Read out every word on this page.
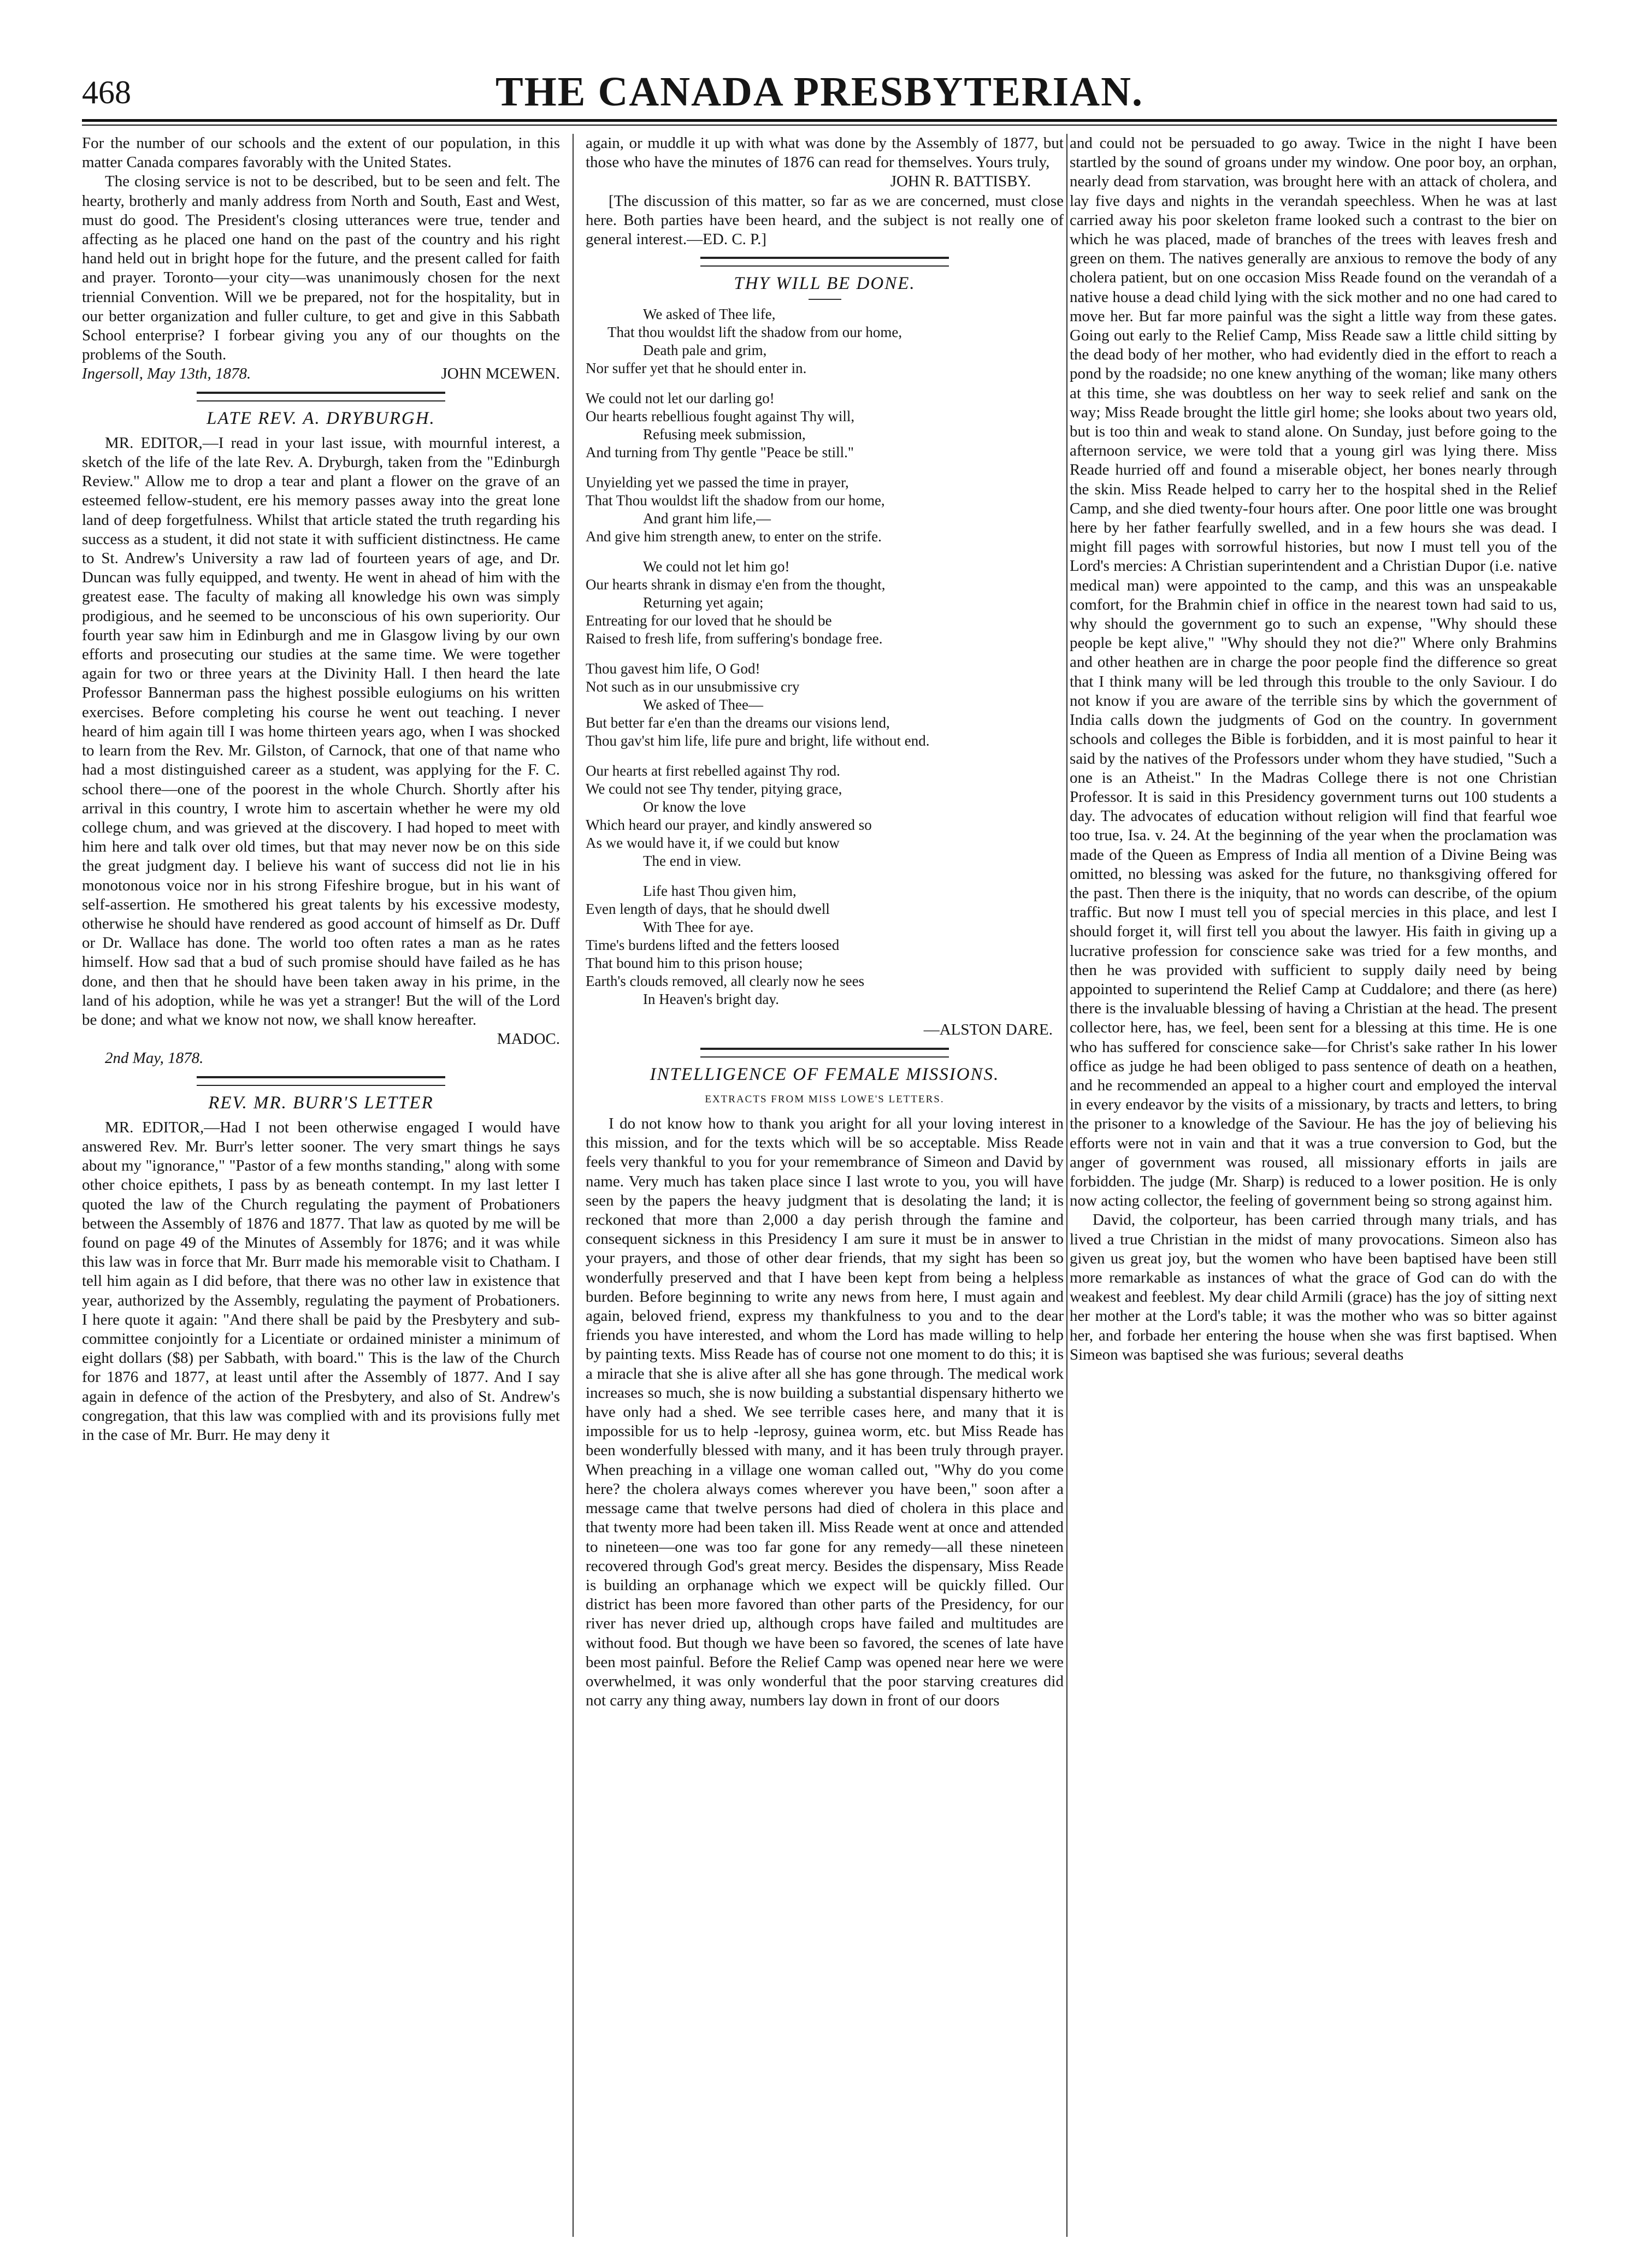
468	THE CANADA PRESBYTERIAN.

For the number of our schools and the extent of our population, in this matter Canada compares favorably with the United States.

The closing service is not to be described, but to be seen and felt. The hearty, brotherly and manly address from North and South, East and West, must do good. The President's closing utterances were true, tender and affecting as he placed one hand on the past of the country and his right hand held out in bright hope for the future, and the present called for faith and prayer. Toronto—your city—was unanimously chosen for the next triennial Convention. Will we be prepared, not for the hospitality, but in our better organization and fuller culture, to get and give in this Sabbath School enterprise? I forbear giving you any of our thoughts on the problems of the South.

Ingersoll, May 13th, 1878.	JOHN MCEWEN.
LATE REV. A. DRYBURGH.

MR. EDITOR,—I read in your last issue, with mournful interest, a sketch of the life of the late Rev. A. Dryburgh, taken from the "Edinburgh Review." Allow me to drop a tear and plant a flower on the grave of an esteemed fellow-student, ere his memory passes away into the great lone land of deep forgetfulness. Whilst that article stated the truth regarding his success as a student, it did not state it with sufficient distinctness. He came to St. Andrew's University a raw lad of fourteen years of age, and Dr. Duncan was fully equipped, and twenty. He went in ahead of him with the greatest ease. The faculty of making all knowledge his own was simply prodigious, and he seemed to be unconscious of his own superiority. Our fourth year saw him in Edinburgh and me in Glasgow living by our own efforts and prosecuting our studies at the same time. We were together again for two or three years at the Divinity Hall. I then heard the late Professor Bannerman pass the highest possible eulogiums on his written exercises. Before completing his course he went out teaching. I never heard of him again till I was home thirteen years ago, when I was shocked to learn from the Rev. Mr. Gilston, of Carnock, that one of that name who had a most distinguished career as a student, was applying for the F. C. school there—one of the poorest in the whole Church. Shortly after his arrival in this country, I wrote him to ascertain whether he were my old college chum, and was grieved at the discovery. I had hoped to meet with him here and talk over old times, but that may never now be on this side the great judgment day. I believe his want of success did not lie in his monotonous voice nor in his strong Fifeshire brogue, but in his want of self-assertion. He smothered his great talents by his excessive modesty, otherwise he should have rendered as good account of himself as Dr. Duff or Dr. Wallace has done. The world too often rates a man as he rates himself. How sad that a bud of such promise should have failed as he has done, and then that he should have been taken away in his prime, in the land of his adoption, while he was yet a stranger! But the will of the Lord be done; and what we know not now, we shall know hereafter.

MADOC.

2nd May, 1878.

REV. MR. BURR'S LETTER

MR. EDITOR,—Had I not been otherwise engaged I would have answered Rev. Mr. Burr's letter sooner. The very smart things he says about my "ignorance," "Pastor of a few months standing," along with some other choice epithets, I pass by as beneath contempt. In my last letter I quoted the law of the Church regulating the payment of Probationers between the Assembly of 1876 and 1877. That law as quoted by me will be found on page 49 of the Minutes of Assembly for 1876; and it was while this law was in force that Mr. Burr made his memorable visit to Chatham. I tell him again as I did before, that there was no other law in existence that year, authorized by the Assembly, regulating the payment of Probationers. I here quote it again: "And there shall be paid by the Presbytery and sub-committee conjointly for a Licentiate or ordained minister a minimum of eight dollars ($8) per Sabbath, with board." This is the law of the Church for 1876 and 1877, at least until after the Assembly of 1877. And I say again in defence of the action of the Presbytery, and also of St. Andrew's congregation, that this law was complied with and its provisions fully met in the case of Mr. Burr. He may deny it

again, or muddle it up with what was done by the Assembly of 1877, but those who have the minutes of 1876 can read for themselves. Yours truly,

JOHN R. BATTISBY.

[The discussion of this matter, so far as we are concerned, must close here. Both parties have been heard, and the subject is not really one of general interest.—ED. C. P.]

THY WILL BE DONE.

We asked of Thee life,

That thou wouldst lift the shadow from our home,

Death pale and grim,

Nor suffer yet that he should enter in.

We could not let our darling go!

Our hearts rebellious fought against Thy will,

Refusing meek submission,

And turning from Thy gentle "Peace be still."

Unyielding yet we passed the time in prayer,

That Thou wouldst lift the shadow from our home,

And grant him life,—

And give him strength anew, to enter on the strife.

We could not let him go!

Our hearts shrank in dismay e'en from the thought,

Returning yet again;

Entreating for our loved that he should be

Raised to fresh life, from suffering's bondage free.

Thou gavest him life, O God!

Not such as in our unsubmissive cry

We asked of Thee—

But better far e'en than the dreams our visions lend,

Thou gav'st him life, life pure and bright, life without end.

Our hearts at first rebelled against Thy rod.

We could not see Thy tender, pitying grace,

Or know the love

Which heard our prayer, and kindly answered so

As we would have it, if we could but know

The end in view.

Life hast Thou given him,

Even length of days, that he should dwell

With Thee for aye.

Time's burdens lifted and the fetters loosed

That bound him to this prison house;

Earth's clouds removed, all clearly now he sees

In Heaven's bright day.

—ALSTON DARE.

INTELLIGENCE OF FEMALE MISSIONS.
EXTRACTS FROM MISS LOWE'S LETTERS.

I do not know how to thank you aright for all your loving interest in this mission, and for the texts which will be so acceptable. Miss Reade feels very thankful to you for your remembrance of Simeon and David by name. Very much has taken place since I last wrote to you, you will have seen by the papers the heavy judgment that is desolating the land; it is reckoned that more than 2,000 a day perish through the famine and consequent sickness in this Presidency I am sure it must be in answer to your prayers, and those of other dear friends, that my sight has been so wonderfully preserved and that I have been kept from being a helpless burden. Before beginning to write any news from here, I must again and again, beloved friend, express my thankfulness to you and to the dear friends you have interested, and whom the Lord has made willing to help by painting texts. Miss Reade has of course not one moment to do this; it is a miracle that she is alive after all she has gone through. The medical work increases so much, she is now building a substantial dispensary hitherto we have only had a shed. We see terrible cases here, and many that it is impossible for us to help -leprosy, guinea worm, etc. but Miss Reade has been wonderfully blessed with many, and it has been truly through prayer. When preaching in a village one woman called out, "Why do you come here? the cholera always comes wherever you have been," soon after a message came that twelve persons had died of cholera in this place and that twenty more had been taken ill. Miss Reade went at once and attended to nineteen—one was too far gone for any remedy—all these nineteen recovered through God's great mercy. Besides the dispensary, Miss Reade is building an orphanage which we expect will be quickly filled. Our district has been more favored than other parts of the Presidency, for our river has never dried up, although crops have failed and multitudes are without food. But though we have been so favored, the scenes of late have been most painful. Before the Relief Camp was opened near here we were overwhelmed, it was only wonderful that the poor starving creatures did not carry any thing away, numbers lay down in front of our doors

and could not be persuaded to go away. Twice in the night I have been startled by the sound of groans under my window. One poor boy, an orphan, nearly dead from starvation, was brought here with an attack of cholera, and lay five days and nights in the verandah speechless. When he was at last carried away his poor skeleton frame looked such a contrast to the bier on which he was placed, made of branches of the trees with leaves fresh and green on them. The natives generally are anxious to remove the body of any cholera patient, but on one occasion Miss Reade found on the verandah of a native house a dead child lying with the sick mother and no one had cared to move her. But far more painful was the sight a little way from these gates. Going out early to the Relief Camp, Miss Reade saw a little child sitting by the dead body of her mother, who had evidently died in the effort to reach a pond by the roadside; no one knew anything of the woman; like many others at this time, she was doubtless on her way to seek relief and sank on the way; Miss Reade brought the little girl home; she looks about two years old, but is too thin and weak to stand alone. On Sunday, just before going to the afternoon service, we were told that a young girl was lying there. Miss Reade hurried off and found a miserable object, her bones nearly through the skin. Miss Reade helped to carry her to the hospital shed in the Relief Camp, and she died twenty-four hours after. One poor little one was brought here by her father fearfully swelled, and in a few hours she was dead. I might fill pages with sorrowful histories, but now I must tell you of the Lord's mercies: A Christian superintendent and a Christian Dupor (i.e. native medical man) were appointed to the camp, and this was an unspeakable comfort, for the Brahmin chief in office in the nearest town had said to us, why should the government go to such an expense, "Why should these people be kept alive," "Why should they not die?" Where only Brahmins and other heathen are in charge the poor people find the difference so great that I think many will be led through this trouble to the only Saviour. I do not know if you are aware of the terrible sins by which the government of India calls down the judgments of God on the country. In government schools and colleges the Bible is forbidden, and it is most painful to hear it said by the natives of the Professors under whom they have studied, "Such a one is an Atheist." In the Madras College there is not one Christian Professor. It is said in this Presidency government turns out 100 students a day. The advocates of education without religion will find that fearful woe too true, Isa. v. 24. At the beginning of the year when the proclamation was made of the Queen as Empress of India all mention of a Divine Being was omitted, no blessing was asked for the future, no thanksgiving offered for the past. Then there is the iniquity, that no words can describe, of the opium traffic. But now I must tell you of special mercies in this place, and lest I should forget it, will first tell you about the lawyer. His faith in giving up a lucrative profession for conscience sake was tried for a few months, and then he was provided with sufficient to supply daily need by being appointed to superintend the Relief Camp at Cuddalore; and there (as here) there is the invaluable blessing of having a Christian at the head. The present collector here, has, we feel, been sent for a blessing at this time. He is one who has suffered for conscience sake—for Christ's sake rather In his lower office as judge he had been obliged to pass sentence of death on a heathen, and he recommended an appeal to a higher court and employed the interval in every endeavor by the visits of a missionary, by tracts and letters, to bring the prisoner to a knowledge of the Saviour. He has the joy of believing his efforts were not in vain and that it was a true conversion to God, but the anger of government was roused, all missionary efforts in jails are forbidden. The judge (Mr. Sharp) is reduced to a lower position. He is only now acting collector, the feeling of government being so strong against him.

David, the colporteur, has been carried through many trials, and has lived a true Christian in the midst of many provocations. Simeon also has given us great joy, but the women who have been baptised have been still more remarkable as instances of what the grace of God can do with the weakest and feeblest. My dear child Armili (grace) has the joy of sitting next her mother at the Lord's table; it was the mother who was so bitter against her, and forbade her entering the house when she was first baptised. When Simeon was baptised she was furious; several deaths
